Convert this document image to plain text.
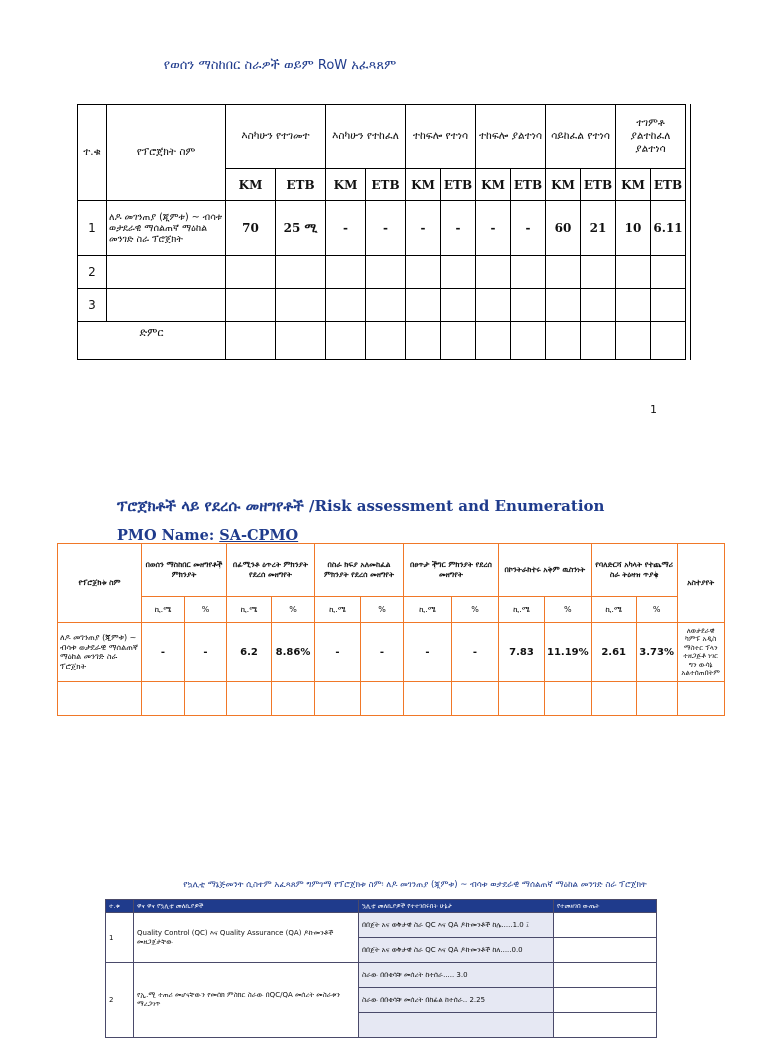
የወሰን ማስከበር ስራዎች ወይም RoW አፈጻጸም
ተ.ቁ	የፕሮጀክት ስም	እስካሁን የተገመተ		እስካሁን የተከፈለ		ተከፍሎ የተነሳ		ተከፍሎ ያልተነሳ		ሳይከፈል የተነሳ		ተገምቶ ያልተከፈለ ያልተነሳ	
		KM	ETB	KM	ETB	KM	ETB	KM	ETB	KM	ETB	KM	ETB
1	ለዶ መገንጠያ (ጂምቱ) ~ ብሳቱ ወታደራዊ ማሰልጠኛ ማዕከል መንገድ ስራ ፕሮጀክት	70	25 ሚ	-	-	-	-	-	-	60	21	10	6.11
2													
3													
ድምር													
1
ፕሮጀክቶች ላይ የደረሱ መዘግየቶች /Risk assessment and Enumeration
PMO Name: SA-CPMO
የፕሮጀክቱ ስም	በወሰን ማስከበር መዘግየቶች ምክንያት		በፊሚንቶ ዕጥረት ምክንያት የደረሰ መዘግየት		በስራ ክፍያ አለመከፈል ምክንያት የደረሰ መዘግየት		በፀጥታ ችግር ምክንያት የደረሰ መዘግየት		በኮንትራክተሩ አቅም ዉስንነት		የባለድርሻ አካላት የተጨማሪ ስራ ትዕዛዝ ጥያቄ		አስተያየት
	ኪ.ሜ	%	ኪ.ሜ	%	ኪ.ሜ	%	ኪ.ሜ	%	ኪ.ሜ	%	ኪ.ሜ	%	
ለዶ መገንጠያ (ጂምቱ) ~ ብሳቱ ወታደራዊ ማሰልጠኛ ማዕከል መንገድ ስራ ፕሮጀክት	-	-	6.2	8.86%	-	-	-	-	7.83	11.19%	2.61	3.73%	ለወታደራዊ ካምፑ አዲስ ማስተር ፕላን ተዘጋጅቶ ነገር ግን ውሳኔ አልተሰጠበትም

የኳሊቲ ማኔጅመንት ሲስተም አፈጻጸም ግምገማ የፕሮጀክቱ ስም፡ ለዶ መገንጠያ (ጂምቱ) ~ ብሳቱ ወታደራዊ ማሰልጠኛ ማዕከል መንገድ ስራ ፕሮጀክት
ተ.ቁ	ዋና ዋና የኳሊቲ መለኪያዎች	ኳሊቲ መለኪያዎች የተተገበሩበት ሁኔታ	የተመዘገበ ውጤት
1	Quality Control (QC) እና Quality Assurance (QA) ዶኩመንቶች መዘጋጀታቸው	በበጀት አና ወቅታዊ ስራ QC እና QA ዶኩመንቶች ከሌ.....1.0 ፤	
		በበጀት አና ወቅታዊ ስራ QC እና QA ዶኩመንቶች ከለ.....0.0	
2	የኢ.ሚ ተጠሪ መሆናቸውን የመሰክ ምስክር ስራው በQC/QA መሰረት መስራቱን ማረጋገጥ	ስራው በበቂሳቹ መሰረት ከተሰራ..... 3.0	
		ስራው በበቂሳቹ መሰረት በከፊል ከተሰራ.. 2.25	
